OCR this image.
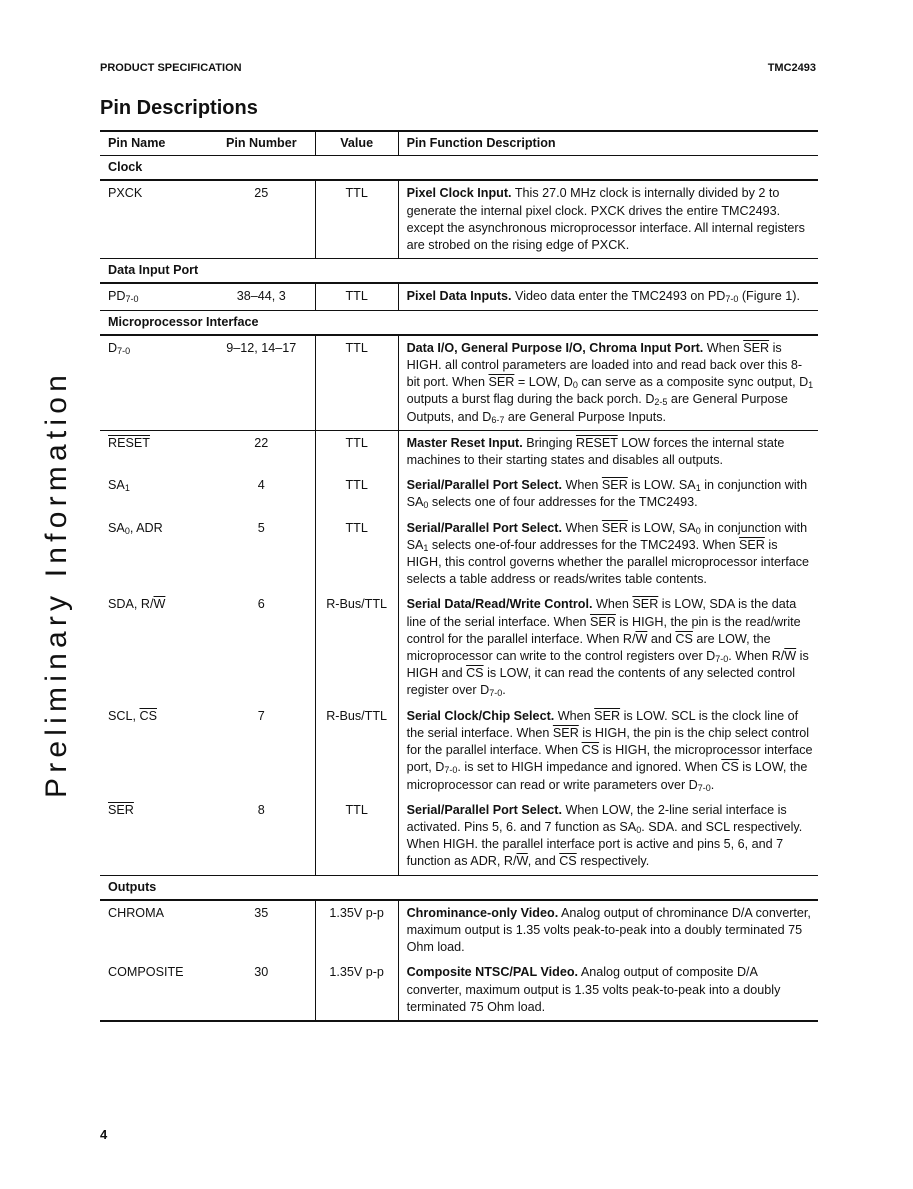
PRODUCT SPECIFICATION	TMC2493
Pin Descriptions
Preliminary Information
Pin Name	Pin Number	Value	Pin Function Description
Clock
PXCK	25	TTL	Pixel Clock Input. This 27.0 MHz clock is internally divided by 2 to generate the internal pixel clock. PXCK drives the entire TMC2493. except the asynchronous microprocessor interface. All internal registers are strobed on the rising edge of PXCK.
Data Input Port
$PD_{7-0}$	38–44, 3	TTL	Pixel Data Inputs. Video data enter the TMC2493 on $PD_{7-0}$ (Figure 1).
Microprocessor Interface
$D_{7-0}$	9–12, 14–17	TTL	Data I/O, General Purpose I/O, Chroma Input Port. When $\overline{SER}$ is HIGH. all control parameters are loaded into and read back over this 8-bit port. When $\overline{SER}$ = LOW, $D_0$ can serve as a composite sync output, $D_1$ outputs a burst flag during the back porch. $D_{2-5}$ are General Purpose Outputs, and $D_{6-7}$ are General Purpose Inputs.
RESET	22	TTL	Master Reset Input. Bringing RESET LOW forces the internal state machines to their starting states and disables all outputs.
$SA_1$	4	TTL	Serial/Parallel Port Select. When $\overline{SER}$ is LOW. $SA_1$ in conjunction with $SA_0$ selects one of four addresses for the TMC2493.
$SA_0$, ADR	5	TTL	Serial/Parallel Port Select. When $\overline{SER}$ is LOW, $SA_0$ in conjunction with $SA_1$ selects one-of-four addresses for the TMC2493. When $\overline{SER}$ is HIGH, this control governs whether the parallel microprocessor interface selects a table address or reads/writes table contents.
SDA, $R/\overline{W}$	6	R-Bus/TTL	Serial Data/Read/Write Control. When $\overline{SER}$ is LOW, SDA is the data line of the serial interface. When $\overline{SER}$ is HIGH, the pin is the read/write control for the parallel interface. When $R/\overline{W}$ and $\overline{CS}$ are LOW, the microprocessor can write to the control registers over $D_{7-0}$. When $R/\overline{W}$ is HIGH and $\overline{CS}$ is LOW, it can read the contents of any selected control register over $D_{7-0}$.
SCL, $\overline{CS}$	7	R-Bus/TTL	Serial Clock/Chip Select. When $\overline{SER}$ is LOW. SCL is the clock line of the serial interface. When $\overline{SER}$ is HIGH, the pin is the chip select control for the parallel interface. When $\overline{CS}$ is HIGH, the microprocessor interface port, $D_{7-0}$. is set to HIGH impedance and ignored. When $\overline{CS}$ is LOW, the microprocessor can read or write parameters over $D_{7-0}$.
$\overline{SER}$	8	TTL	Serial/Parallel Port Select. When LOW, the 2-line serial interface is activated. Pins 5, 6. and 7 function as $SA_0$. SDA. and SCL respectively. When HIGH. the parallel interface port is active and pins 5, 6, and 7 function as ADR, $R/\overline{W}$, and $\overline{CS}$ respectively.
Outputs
CHROMA	35	1.35V p-p	Chrominance-only Video. Analog output of chrominance D/A converter, maximum output is 1.35 volts peak-to-peak into a doubly terminated 75 Ohm load.
COMPOSITE	30	1.35V p-p	Composite NTSC/PAL Video. Analog output of composite D/A converter, maximum output is 1.35 volts peak-to-peak into a doubly terminated 75 Ohm load.
4
